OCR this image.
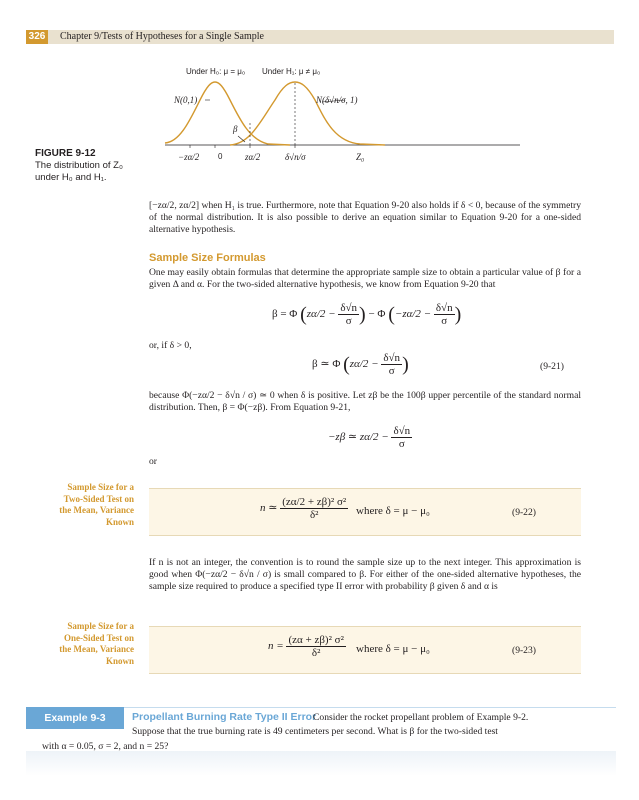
326 Chapter 9/Tests of Hypotheses for a Single Sample
Under H₀: μ = μ₀ Under H₁: μ ≠ μ₀
N(0,1)	N(δ√n/σ, 1)
β
−zα/2 0	zα/2	δ√n/σ	Z₀
FIGURE 9-12
The distribution of Z₀
under H₀ and H₁.
[−zα/2, zα/2] when H₁ is true. Furthermore, note that Equation 9-20 also holds if δ < 0, because of the symmetry of the normal distribution. It is also possible to derive an equation similar to Equation 9-20 for a one-sided alternative hypothesis.
Sample Size Formulas
One may easily obtain formulas that determine the appropriate sample size to obtain a particular value of β for a given Δ and α. For the two-sided alternative hypothesis, we know from Equation 9-20 that
β = Φ ($z\alpha/2 - \frac{\delta√n}{\sigma}$ ) − Φ ($-z\alpha/2 - \frac{\delta√n}{\sigma}$ )
or, if δ > 0,
β ≃ Φ ($z\alpha/2 - \frac{\delta√n}{\sigma}$ )	(9-21)
because Φ(−zα/2 − δ√n / σ) ≃ 0 when δ is positive. Let zβ be the 100β upper percentile of the standard normal distribution. Then, β = Φ(−zβ). From Equation 9-21,
−zβ ≃ $z\alpha/2 - \frac{\delta√n}{\sigma}$
or
Sample Size for a
Two-Sided Test on
the Mean, Variance
Known
n ≃ $\frac{\text{(zα/2 + zβ)² σ²}}{\text{δ²}}$ where δ = μ − μ₀	(9-22)
If n is not an integer, the convention is to round the sample size up to the next integer. This approximation is good when Φ(−zα/2 − δ√n / σ) is small compared to β. For either of the one-sided alternative hypotheses, the sample size required to produce a specified type II error with probability β given δ and α is
Sample Size for a
One-Sided Test on
the Mean, Variance
Known
$n = \frac{\text{(zα + zβ)² σ²}}{\text{δ²}}$ where δ = μ − μ₀	(9-23)
Example 9-3	Propellant Burning Rate Type II Error
Consider the rocket propellant problem of Example 9-2.
Suppose that the true burning rate is 49 centimeters per second. What is β for the two-sided test
with α = 0.05, σ = 2, and n = 25?
